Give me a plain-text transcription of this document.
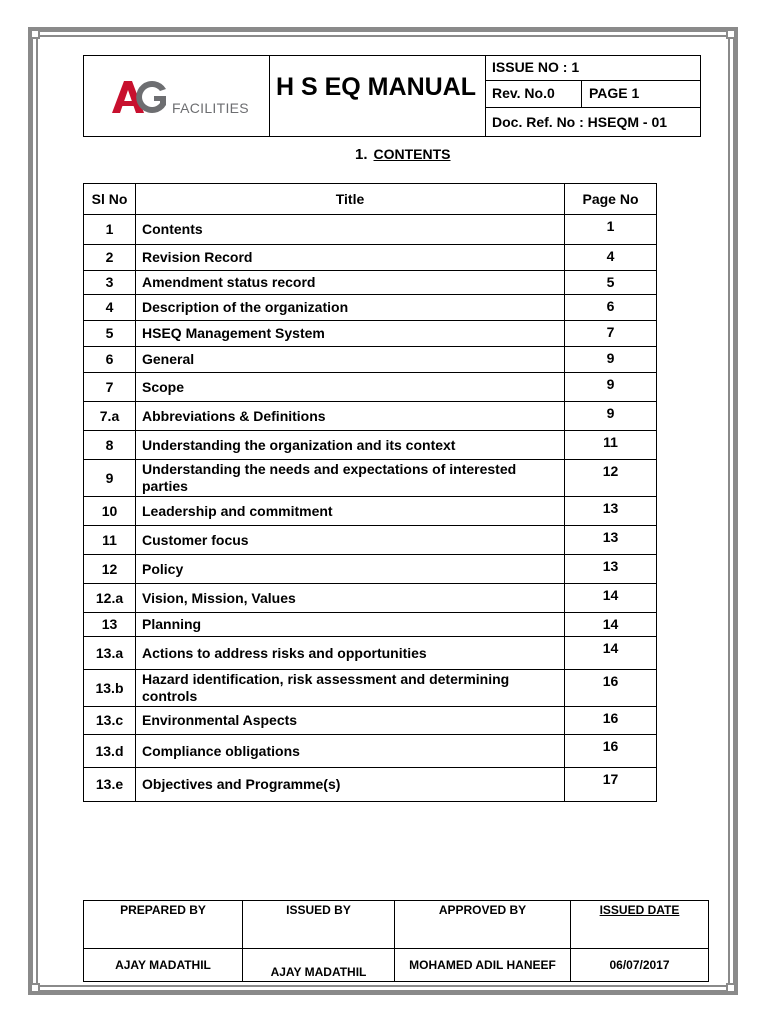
FACILITIES
H S EQ MANUAL
ISSUE NO : 1
Rev. No.0 PAGE 1
Doc. Ref. No : HSEQM - 01
1. CONTENTS
Sl No	Title	Page No
1	Contents	1
2	Revision Record	4
3	Amendment status record	5
4	Description of the organization	6
5	HSEQ Management System	7
6	General	9
7	Scope	9
7.a	Abbreviations & Definitions	9
8	Understanding the organization and its context	11
9	Understanding the needs and expectations of interested parties	12
10	Leadership and commitment	13
11	Customer focus	13
12	Policy	13
12.a	Vision, Mission, Values	14
13	Planning	14
13.a	Actions to address risks and opportunities	14
13.b	Hazard identification, risk assessment and determining controls	16
13.c	Environmental Aspects	16
13.d	Compliance obligations	16
13.e	Objectives and Programme(s)	17
PREPARED BY	ISSUED BY	APPROVED BY	ISSUED DATE
AJAY MADATHIL	AJAY MADATHIL	MOHAMED ADIL HANEEF	06/07/2017
